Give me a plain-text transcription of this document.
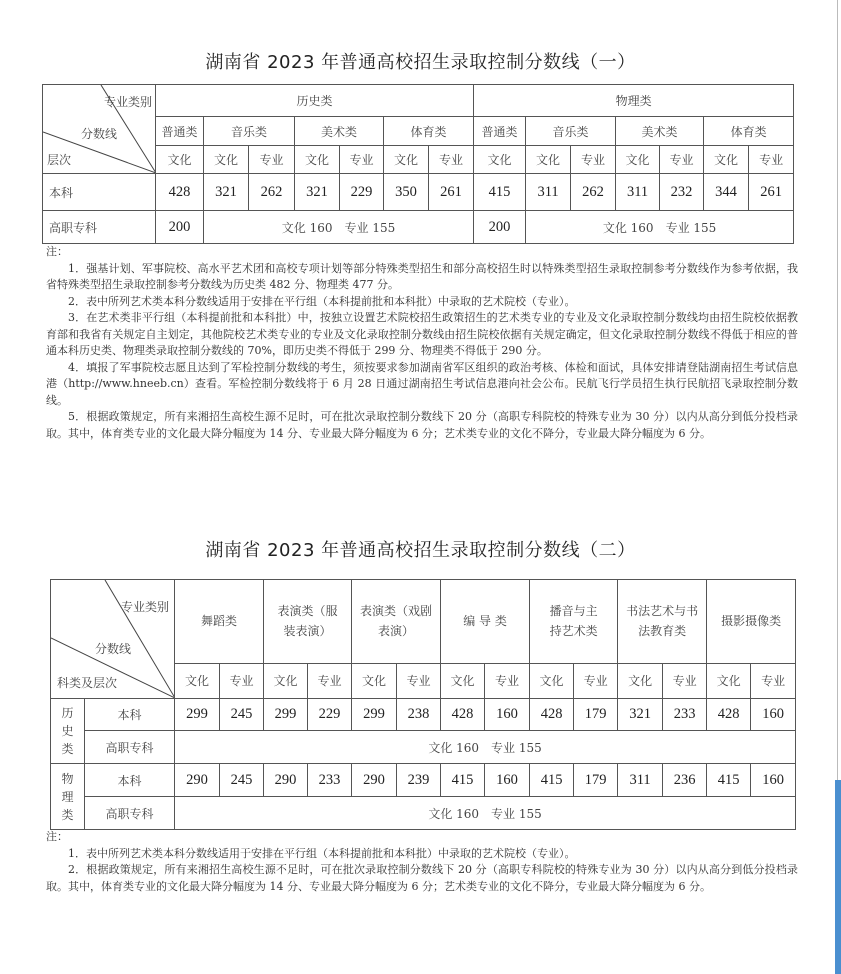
湖南省 2023 年普通高校招生录取控制分数线（一）
专业类别
分数线
层次	历史类							物理类						
	普通类	音乐类		美术类		体育类		普通类	音乐类		美术类		体育类	
	文化	文化	专业	文化	专业	文化	专业	文化	文化	专业	文化	专业	文化	专业
本科	428	321	262	321	229	350	261	415	311	262	311	232	344	261
高职专科	200	文化 160　专业 155						200	文化 160　专业 155					

注：

1．强基计划、军事院校、高水平艺术团和高校专项计划等部分特殊类型招生和部分高校招生时以特殊类型招生录取控制参考分数线作为参考依据，我省特殊类型招生录取控制参考分数线为历史类 482 分、物理类 477 分。

2．表中所列艺术类本科分数线适用于安排在平行组（本科提前批和本科批）中录取的艺术院校（专业）。

3．在艺术类非平行组（本科提前批和本科批）中，按独立设置艺术院校招生政策招生的艺术类专业的专业及文化录取控制分数线均由招生院校依据教育部和我省有关规定自主划定，其他院校艺术类专业的专业及文化录取控制分数线由招生院校依据有关规定确定，但文化录取控制分数线不得低于相应的普通本科历史类、物理类录取控制分数线的 70%，即历史类不得低于 299 分、物理类不得低于 290 分。

4．填报了军事院校志愿且达到了军检控制分数线的考生，须按要求参加湖南省军区组织的政治考核、体检和面试，具体安排请登陆湖南招生考试信息港（http://www.hneeb.cn）查看。军检控制分数线将于 6 月 28 日通过湖南招生考试信息港向社会公布。民航飞行学员招生执行民航招飞录取控制分数线。

5．根据政策规定，所有来湘招生高校生源不足时，可在批次录取控制分数线下 20 分（高职专科院校的特殊专业为 30 分）以内从高分到低分投档录取。其中，体育类专业的文化最大降分幅度为 14 分、专业最大降分幅度为 6 分；艺术类专业的文化不降分，专业最大降分幅度为 6 分。

湖南省 2023 年普通高校招生录取控制分数线（二）
专业类别
分数线
科类及层次		舞蹈类		表演类（服装表演）		表演类（戏剧表演）		编 导 类		播音与主持艺术类		书法艺术与书法教育类		摄影摄像类	
		文化	专业	文化	专业	文化	专业	文化	专业	文化	专业	文化	专业	文化	专业
历史类	本科	299	245	299	229	299	238	428	160	428	179	321	233	428	160
	高职专科	文化 160　专业 155													
物理类	本科	290	245	290	233	290	239	415	160	415	179	311	236	415	160
	高职专科	文化 160　专业 155													

注：

1．表中所列艺术类本科分数线适用于安排在平行组（本科提前批和本科批）中录取的艺术院校（专业）。

2．根据政策规定，所有来湘招生高校生源不足时，可在批次录取控制分数线下 20 分（高职专科院校的特殊专业为 30 分）以内从高分到低分投档录取。其中，体育类专业的文化最大降分幅度为 14 分、专业最大降分幅度为 6 分；艺术类专业的文化不降分，专业最大降分幅度为 6 分。
